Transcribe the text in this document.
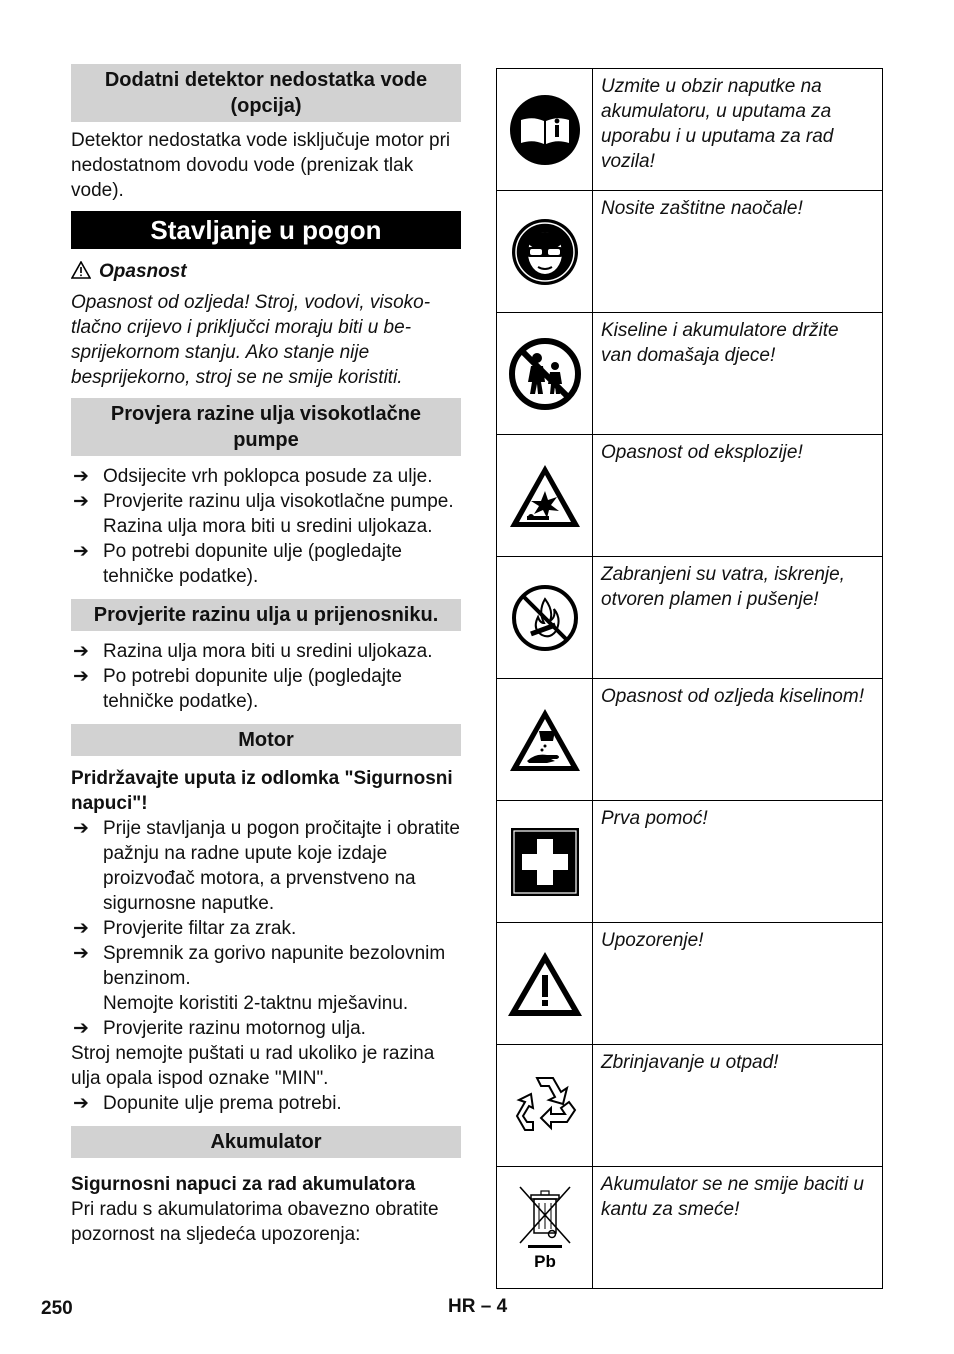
Dodatni detektor nedostatka vode (opcija)

Detektor nedostatka vode isključuje motor pri nedostatnom dovodu vode (prenizak tlak vode).

Stavljanje u pogon
Opasnost

Opasnost od ozljeda! Stroj, vodovi, visokotlačno crijevo i priključci moraju biti u besprijekornom stanju. Ako stanje nije besprijekorno, stroj se ne smije koristiti.

Provjera razine ulja visokotlačne pumpe
➔ Odsijecite vrh poklopca posude za ulje.
➔ Provjerite razinu ulja visokotlačne pumpe.
Razina ulja mora biti u sredini uljokaza.
➔ Po potrebi dopunite ulje (pogledajte tehničke podatke).
Provjerite razinu ulja u prijenosniku.
➔ Razina ulja mora biti u sredini uljokaza.
➔ Po potrebi dopunite ulje (pogledajte tehničke podatke).
Motor

Pridržavajte uputa iz odlomka "Sigurnosni napuci"!

➔ Prije stavljanja u pogon pročitajte i obratite pažnju na radne upute koje izdaje proizvođač motora, a prvenstveno na sigurnosne naputke.
➔ Provjerite filtar za zrak.
➔ Spremnik za gorivo napunite bezolovnim benzinom.
Nemojte koristiti 2-taktnu mješavinu.
➔ Provjerite razinu motornog ulja.

Stroj nemojte puštati u rad ukoliko je razina ulja opala ispod oznake "MIN".

➔ Dopunite ulje prema potrebi.
Akumulator

Sigurnosni napuci za rad akumulatora

Pri radu s akumulatorima obavezno obratite pozornost na sljedeća upozorenja:

	Uzmite u obzir naputke na akumulatoru, u uputama za uporabu i u uputama za rad vozila!

	Nosite zaštitne naočale!

	Kiseline i akumulatore držite van domašaja djece!

	Opasnost od eksplozije!

	Zabranjeni su vatra, iskrenje, otvoren plamen i pušenje!

	Opasnost od ozljeda kiselinom!

	Prva pomoć!

	Upozorenje!

	Zbrinjavanje u otpad!

Pb	Akumulator se ne smije baciti u kantu za smeće!
250	HR – 4
